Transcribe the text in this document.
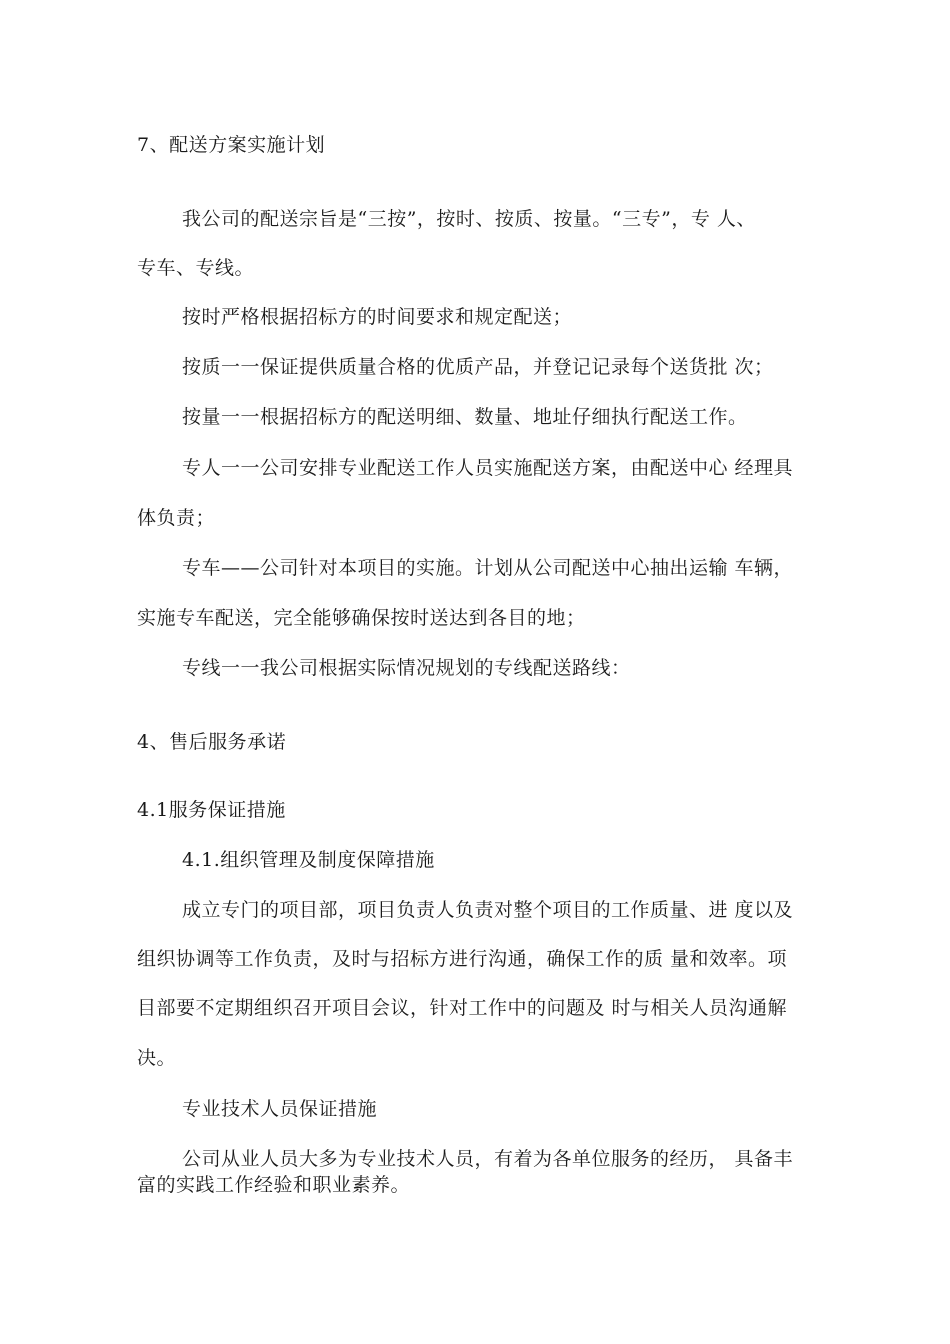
7、配送方案实施计划

我公司的配送宗旨是“三按”，按时、按质、按量。“三专”，专 人、

专车、专线。

按时严格根据招标方的时间要求和规定配送；

按质一一保证提供质量合格的优质产品，并登记记录每个送货批 次；

按量一一根据招标方的配送明细、数量、地址仔细执行配送工作。

专人一一公司安排专业配送工作人员实施配送方案，由配送中心 经理具

体负责；

专车——公司针对本项目的实施。计划从公司配送中心抽出运输 车辆，

实施专车配送，完全能够确保按时送达到各目的地；

专线一一我公司根据实际情况规划的专线配送路线：

4、售后服务承诺

4.1服务保证措施

4.1.组织管理及制度保障措施

成立专门的项目部，项目负责人负责对整个项目的工作质量、进 度以及

组织协调等工作负责，及时与招标方进行沟通，确保工作的质 量和效率。项

目部要不定期组织召开项目会议，针对工作中的问题及 时与相关人员沟通解

决。

专业技术人员保证措施

公司从业人员大多为专业技术人员，有着为各单位服务的经历， 具备丰

富的实践工作经验和职业素养。
